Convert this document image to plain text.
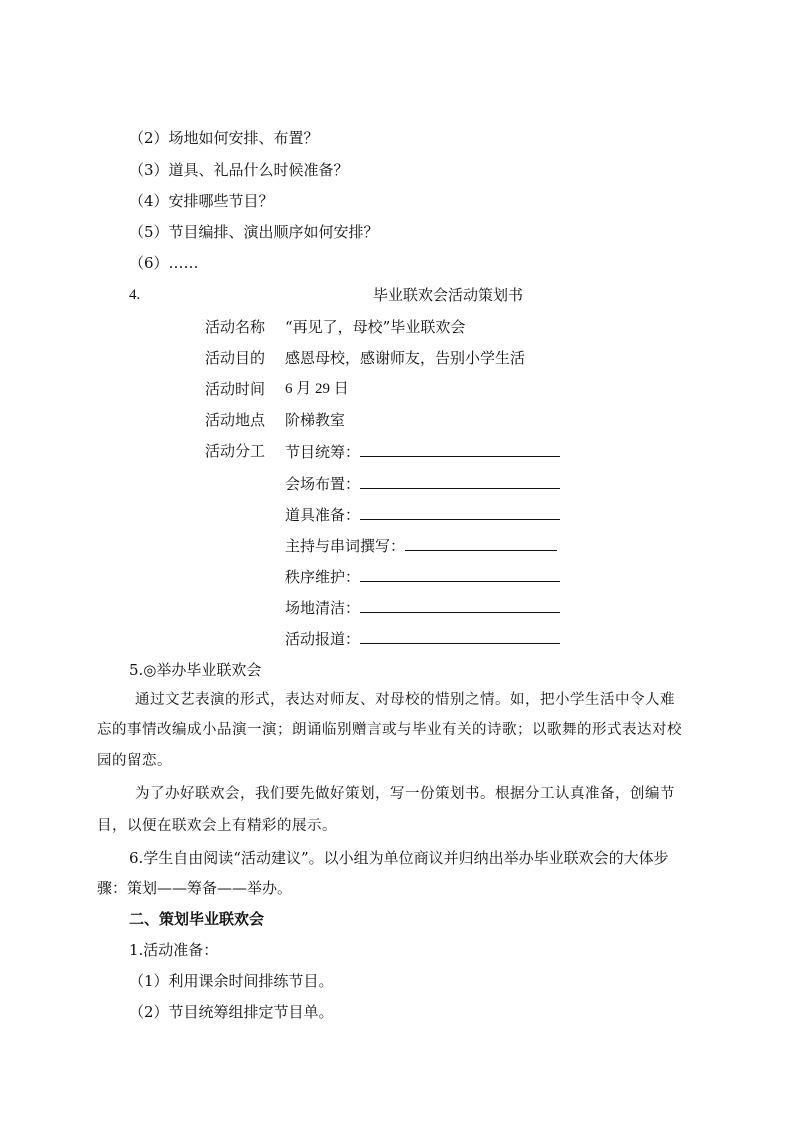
（2）场地如何安排、布置？
（3）道具、礼品什么时候准备？
（4）安排哪些节目？
（5）节目编排、演出顺序如何安排？
（6）……
4.	毕业联欢会活动策划书
活动名称 “再见了，母校”毕业联欢会
活动目的 感恩母校，感谢师友，告别小学生活
活动时间 6 月 29 日
活动地点 阶梯教室
活动分工 节目统筹：
会场布置：
道具准备：
主持与串词撰写：
秩序维护：
场地清洁：
活动报道：
5.◎举办毕业联欢会
通过文艺表演的形式，表达对师友、对母校的惜别之情。如，把小学生活中令人难
忘的事情改编成小品演一演；朗诵临别赠言或与毕业有关的诗歌；以歌舞的形式表达对校
园的留恋。
为了办好联欢会，我们要先做好策划，写一份策划书。根据分工认真准备，创编节
目，以便在联欢会上有精彩的展示。
6.学生自由阅读“活动建议”。以小组为单位商议并归纳出举办毕业联欢会的大体步
骤：策划——筹备——举办。
二、策划毕业联欢会
1.活动准备：
（1）利用课余时间排练节目。
（2）节目统筹组排定节目单。
